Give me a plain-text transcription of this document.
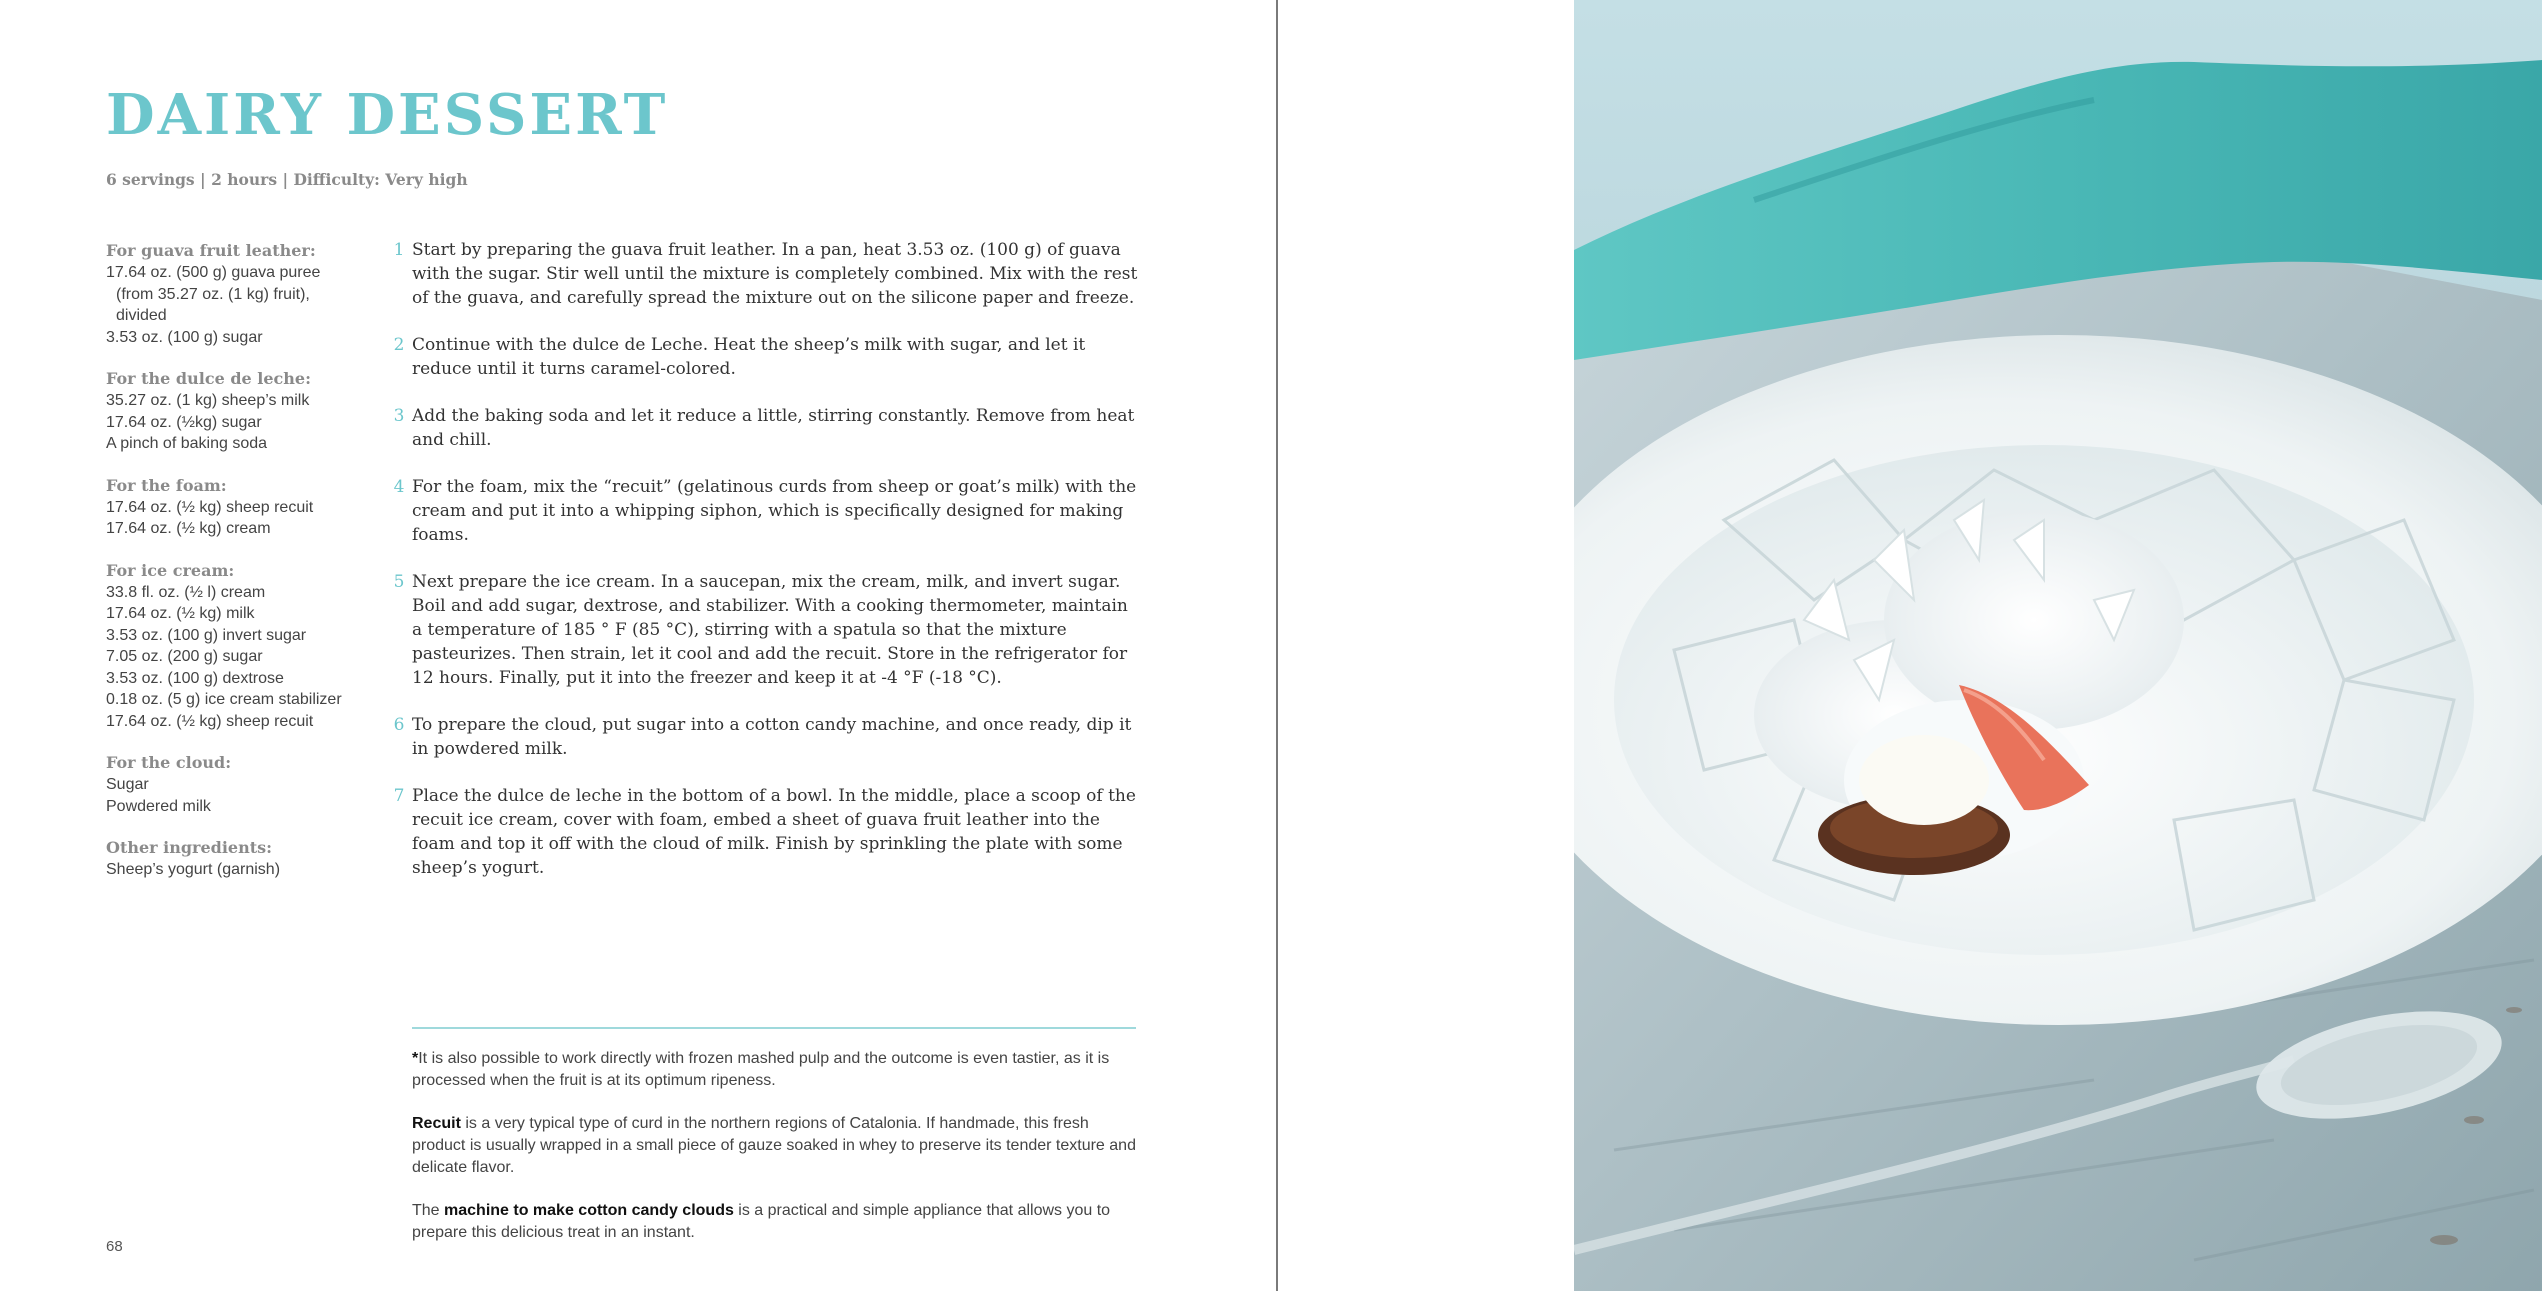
DAIRY DESSERT
6 servings | 2 hours | Difficulty: Very high
For guava fruit leather:
17.64 oz. (500 g) guava puree (from 35.27 oz. (1 kg) fruit), divided
3.53 oz. (100 g) sugar
For the dulce de leche:
35.27 oz. (1 kg) sheep’s milk
17.64 oz. (½kg) sugar
A pinch of baking soda
For the foam:
17.64 oz. (½ kg) sheep recuit
17.64 oz. (½ kg) cream
For ice cream:
33.8 fl. oz. (½ l) cream
17.64 oz. (½ kg) milk
3.53 oz. (100 g) invert sugar
7.05 oz. (200 g) sugar
3.53 oz. (100 g) dextrose
0.18 oz. (5 g) ice cream stabilizer
17.64 oz. (½ kg) sheep recuit
For the cloud:
Sugar
Powdered milk
Other ingredients:
Sheep’s yogurt (garnish)
1 Start by preparing the guava fruit leather. In a pan, heat 3.53 oz. (100 g) of guava with the sugar. Stir well until the mixture is completely combined. Mix with the rest of the guava, and carefully spread the mixture out on the silicone paper and freeze.
2 Continue with the dulce de Leche. Heat the sheep’s milk with sugar, and let it reduce until it turns caramel-colored.
3 Add the baking soda and let it reduce a little, stirring constantly. Remove from heat and chill.
4 For the foam, mix the “recuit” (gelatinous curds from sheep or goat’s milk) with the cream and put it into a whipping siphon, which is specifically designed for making foams.
5 Next prepare the ice cream. In a saucepan, mix the cream, milk, and invert sugar. Boil and add sugar, dextrose, and stabilizer. With a cooking thermometer, maintain a temperature of 185 ° F (85 °C), stirring with a spatula so that the mixture pasteurizes. Then strain, let it cool and add the recuit. Store in the refrigerator for 12 hours. Finally, put it into the freezer and keep it at -4 °F (-18 °C).
6 To prepare the cloud, put sugar into a cotton candy machine, and once ready, dip it in powdered milk.
7 Place the dulce de leche in the bottom of a bowl. In the middle, place a scoop of the recuit ice cream, cover with foam, embed a sheet of guava fruit leather into the foam and top it off with the cloud of milk. Finish by sprinkling the plate with some sheep’s yogurt.
*It is also possible to work directly with frozen mashed pulp and the outcome is even tastier, as it is processed when the fruit is at its optimum ripeness.
Recuit is a very typical type of curd in the northern regions of Catalonia. If handmade, this fresh product is usually wrapped in a small piece of gauze soaked in whey to preserve its tender texture and delicate flavor.
The machine to make cotton candy clouds is a practical and simple appliance that allows you to prepare this delicious treat in an instant.
68
